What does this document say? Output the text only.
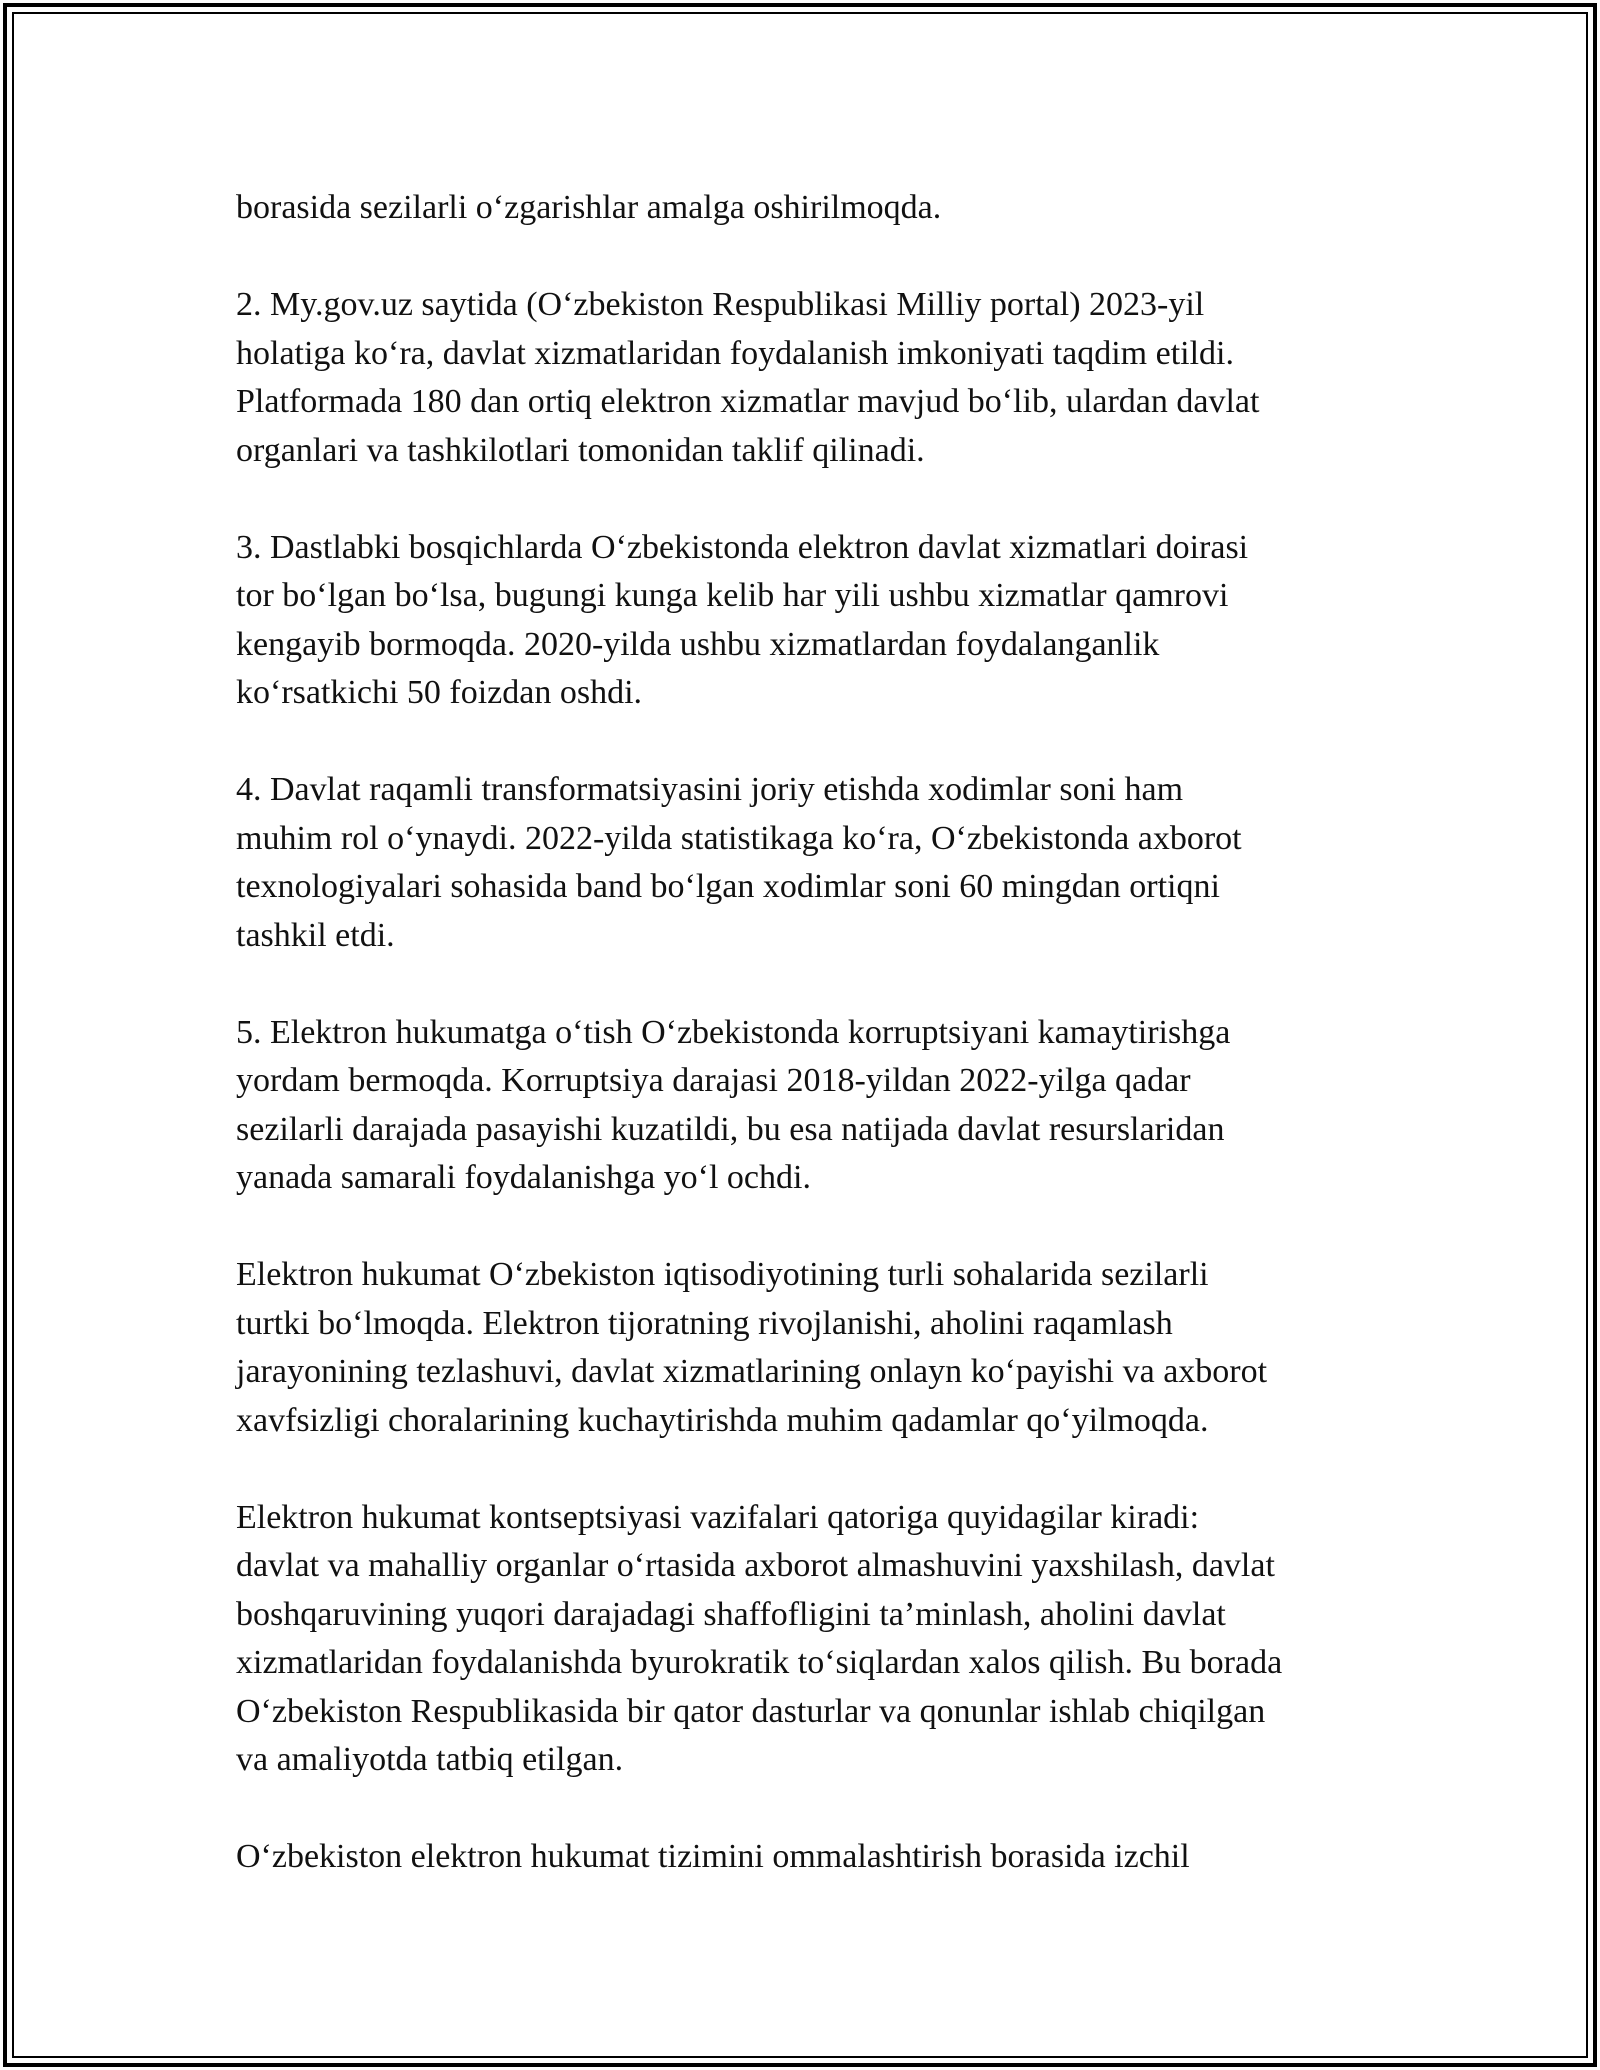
borasida sezilarli o‘zgarishlar amalga oshirilmoqda.

2. My.gov.uz saytida (O‘zbekiston Respublikasi Milliy portal) 2023-yil
holatiga ko‘ra, davlat xizmatlaridan foydalanish imkoniyati taqdim etildi.
Platformada 180 dan ortiq elektron xizmatlar mavjud bo‘lib, ulardan davlat
organlari va tashkilotlari tomonidan taklif qilinadi.

3. Dastlabki bosqichlarda O‘zbekistonda elektron davlat xizmatlari doirasi
tor bo‘lgan bo‘lsa, bugungi kunga kelib har yili ushbu xizmatlar qamrovi
kengayib bormoqda. 2020-yilda ushbu xizmatlardan foydalanganlik
ko‘rsatkichi 50 foizdan oshdi.

4. Davlat raqamli transformatsiyasini joriy etishda xodimlar soni ham
muhim rol o‘ynaydi. 2022-yilda statistikaga ko‘ra, O‘zbekistonda axborot
texnologiyalari sohasida band bo‘lgan xodimlar soni 60 mingdan ortiqni
tashkil etdi.

5. Elektron hukumatga o‘tish O‘zbekistonda korruptsiyani kamaytirishga
yordam bermoqda. Korruptsiya darajasi 2018-yildan 2022-yilga qadar
sezilarli darajada pasayishi kuzatildi, bu esa natijada davlat resurslaridan
yanada samarali foydalanishga yo‘l ochdi.

Elektron hukumat O‘zbekiston iqtisodiyotining turli sohalarida sezilarli
turtki bo‘lmoqda. Elektron tijoratning rivojlanishi, aholini raqamlash
jarayonining tezlashuvi, davlat xizmatlarining onlayn ko‘payishi va axborot
xavfsizligi choralarining kuchaytirishda muhim qadamlar qo‘yilmoqda.

Elektron hukumat kontseptsiyasi vazifalari qatoriga quyidagilar kiradi:
davlat va mahalliy organlar o‘rtasida axborot almashuvini yaxshilash, davlat
boshqaruvining yuqori darajadagi shaffofligini ta’minlash, aholini davlat
xizmatlaridan foydalanishda byurokratik to‘siqlardan xalos qilish. Bu borada
O‘zbekiston Respublikasida bir qator dasturlar va qonunlar ishlab chiqilgan
va amaliyotda tatbiq etilgan.

O‘zbekiston elektron hukumat tizimini ommalashtirish borasida izchil
